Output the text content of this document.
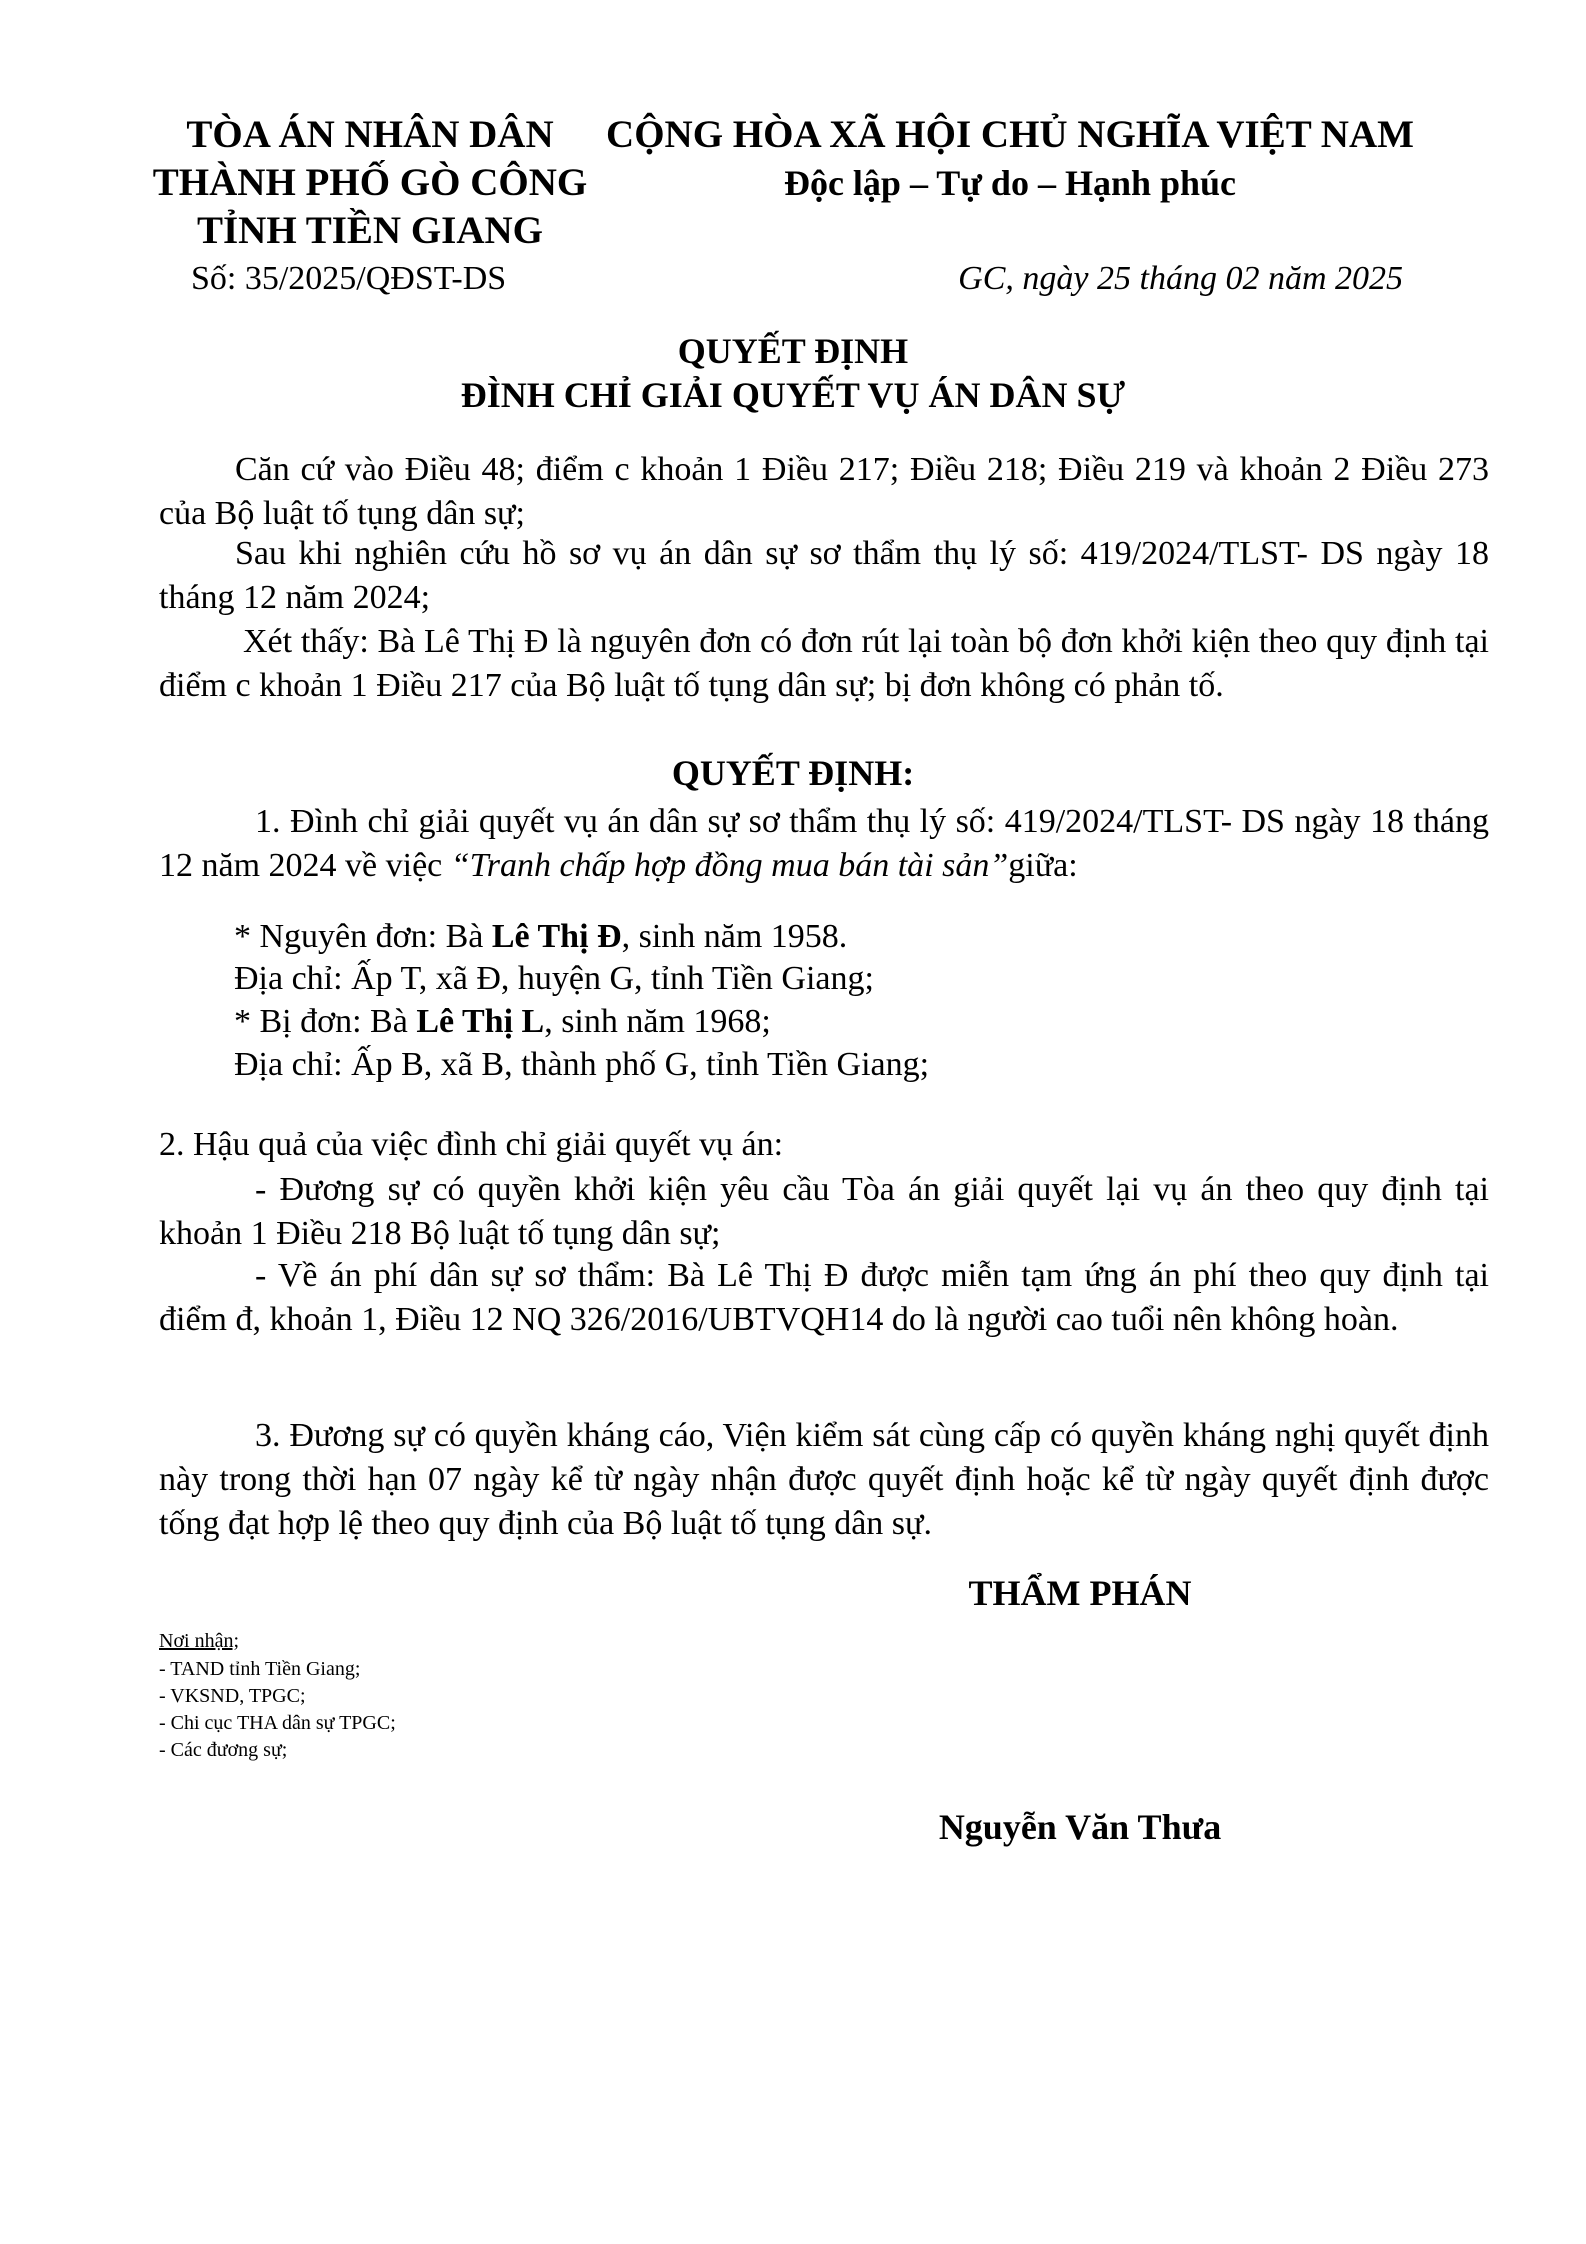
TÒA ÁN NHÂN DÂN
THÀNH PHỐ GÒ CÔNG
TỈNH TIỀN GIANG
Số: 35/2025/QĐST-DS
CỘNG HÒA XÃ HỘI CHỦ NGHĨA VIỆT NAM
Độc lập – Tự do – Hạnh phúc
GC, ngày 25 tháng 02 năm 2025
QUYẾT ĐỊNH
ĐÌNH CHỈ GIẢI QUYẾT VỤ ÁN DÂN SỰ
Căn cứ vào Điều 48; điểm c khoản 1 Điều 217; Điều 218; Điều 219 và khoản 2 Điều 273 của Bộ luật tố tụng dân sự;
Sau khi nghiên cứu hồ sơ vụ án dân sự sơ thẩm thụ lý số: 419/2024/TLST- DS ngày 18 tháng 12 năm 2024;
Xét thấy: Bà Lê Thị Đ là nguyên đơn có đơn rút lại toàn bộ đơn khởi kiện theo quy định tại điểm c khoản 1 Điều 217 của Bộ luật tố tụng dân sự; bị đơn không có phản tố.
QUYẾT ĐỊNH:
1. Đình chỉ giải quyết vụ án dân sự sơ thẩm thụ lý số: 419/2024/TLST- DS ngày 18 tháng 12 năm 2024 về việc “Tranh chấp hợp đồng mua bán tài sản”giữa:
* Nguyên đơn: Bà Lê Thị Đ, sinh năm 1958.
Địa chỉ: Ấp T, xã Đ, huyện G, tỉnh Tiền Giang;
* Bị đơn: Bà Lê Thị L, sinh năm 1968;
Địa chỉ: Ấp B, xã B, thành phố G, tỉnh Tiền Giang;
2. Hậu quả của việc đình chỉ giải quyết vụ án:
- Đương sự có quyền khởi kiện yêu cầu Tòa án giải quyết lại vụ án theo quy định tại khoản 1 Điều 218 Bộ luật tố tụng dân sự;
- Về án phí dân sự sơ thẩm: Bà Lê Thị Đ được miễn tạm ứng án phí theo quy định tại điểm đ, khoản 1, Điều 12 NQ 326/2016/UBTVQH14 do là người cao tuổi nên không hoàn.
3. Đương sự có quyền kháng cáo, Viện kiểm sát cùng cấp có quyền kháng nghị quyết định này trong thời hạn 07 ngày kể từ ngày nhận được quyết định hoặc kể từ ngày quyết định được tống đạt hợp lệ theo quy định của Bộ luật tố tụng dân sự.
THẨM PHÁN
Nơi nhận;
- TAND tỉnh Tiền Giang;
- VKSND, TPGC;
- Chi cục THA dân sự TPGC;
- Các đương sự;
Nguyễn Văn Thưa
